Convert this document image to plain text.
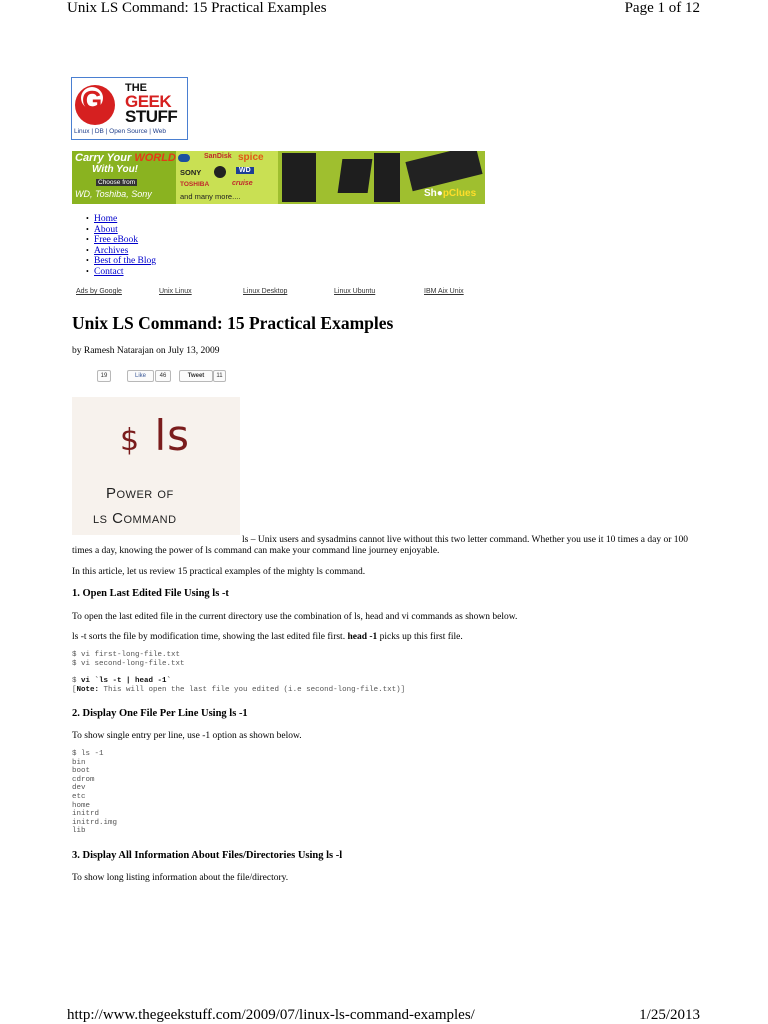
Unix LS Command: 15 Practical Examples	Page 1 of 12
G	THE
GEEK
STUFF
Linux | DB | Open Source | Web
Carry Your WORLD
With You!
Choose from
WD, Toshiba, Sony

SanDisk spice
SONY	WD
TOSHIBA	cruise
and many more....	Sh●pClues
• Home
• About
• Free eBook
• Archives
• Best of the Blog
• Contact
Ads by Google	Unix Linux	Linux Desktop	Linux Ubuntu	IBM Aix Unix
Unix LS Command: 15 Practical Examples
by Ramesh Natarajan on July 13, 2009
19	Like	46	Tweet	11
$ ls
Power of
ls Command
ls – Unix users and sysadmins cannot live without this two letter command. Whether you use it 10 times a day or 100 times a day, knowing the power of ls command can make your command line journey enjoyable.
In this article, let us review 15 practical examples of the mighty ls command.
1. Open Last Edited File Using ls -t
To open the last edited file in the current directory use the combination of ls, head and vi commands as shown below.
ls -t sorts the file by modification time, showing the last edited file first. head -1 picks up this first file.
$ vi first-long-file.txt
$ vi second-long-file.txt
$ vi `ls -t | head -1`
[Note: This will open the last file you edited (i.e second-long-file.txt)]
2. Display One File Per Line Using ls -1
To show single entry per line, use -1 option as shown below.
$ ls -1
bin
boot
cdrom
dev
etc
home
initrd
initrd.img
lib
3. Display All Information About Files/Directories Using ls -l
To show long listing information about the file/directory.
http://www.thegeekstuff.com/2009/07/linux-ls-command-examples/	1/25/2013
